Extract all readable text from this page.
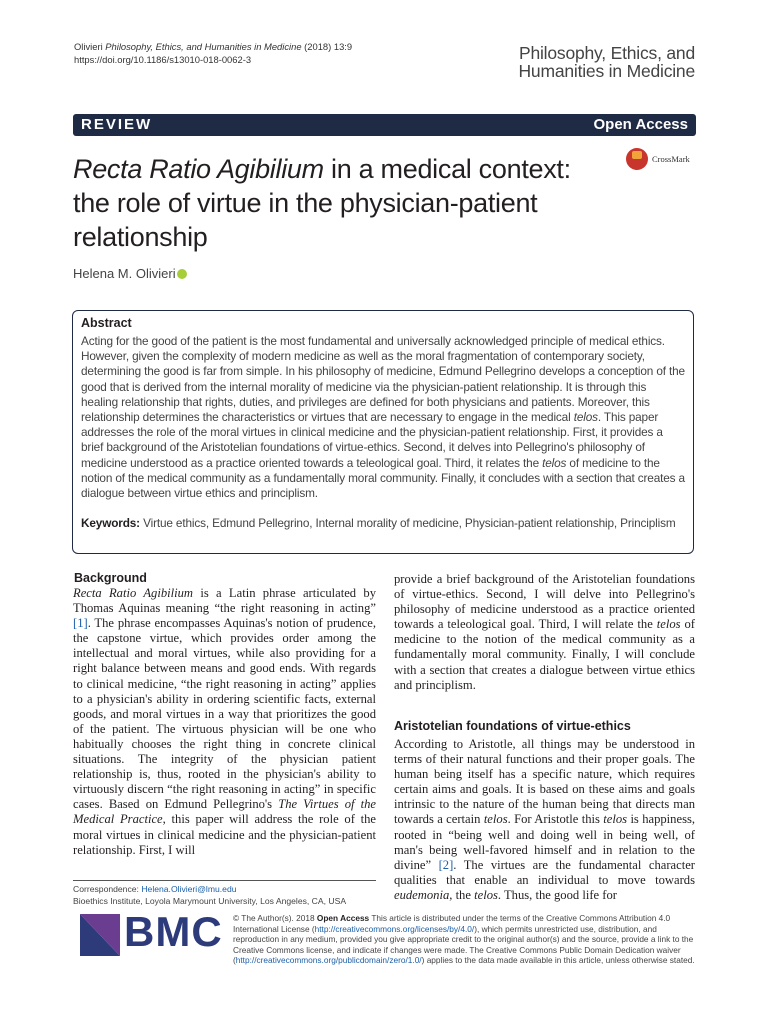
Olivieri Philosophy, Ethics, and Humanities in Medicine (2018) 13:9
https://doi.org/10.1186/s13010-018-0062-3	Philosophy, Ethics, and
Humanities in Medicine
REVIEW	Open Access
Recta Ratio Agibilium in a medical context:
the role of virtue in the physician-patient
relationship
CrossMark
Helena M. Olivieri
Abstract
Acting for the good of the patient is the most fundamental and universally acknowledged principle of medical ethics. However, given the complexity of modern medicine as well as the moral fragmentation of contemporary society, determining the good is far from simple. In his philosophy of medicine, Edmund Pellegrino develops a conception of the good that is derived from the internal morality of medicine via the physician-patient relationship. It is through this healing relationship that rights, duties, and privileges are defined for both physicians and patients. Moreover, this relationship determines the characteristics or virtues that are necessary to engage in the medical telos. This paper addresses the role of the moral virtues in clinical medicine and the physician-patient relationship. First, it provides a brief background of the Aristotelian foundations of virtue-ethics. Second, it delves into Pellegrino's philosophy of medicine understood as a practice oriented towards a teleological goal. Third, it relates the telos of medicine to the notion of the medical community as a fundamentally moral community. Finally, it concludes with a section that creates a dialogue between virtue ethics and principlism.
Keywords: Virtue ethics, Edmund Pellegrino, Internal morality of medicine, Physician-patient relationship, Principlism
Background
Recta Ratio Agibilium is a Latin phrase articulated by Thomas Aquinas meaning “the right reasoning in acting” [1]. The phrase encompasses Aquinas's notion of prudence, the capstone virtue, which provides order among the intellectual and moral virtues, while also providing for a right balance between means and good ends. With regards to clinical medicine, “the right reasoning in acting” applies to a physician's ability in ordering scientific facts, external goods, and moral virtues in a way that prioritizes the good of the patient. The virtuous physician will be one who habitually chooses the right thing in concrete clinical situations. The integrity of the physician patient relationship is, thus, rooted in the physician's ability to virtuously discern “the right reasoning in acting” in specific cases. Based on Edmund Pellegrino's The Virtues of the Medical Practice, this paper will address the role of the moral virtues in clinical medicine and the physician-patient relationship. First, I will
provide a brief background of the Aristotelian foundations of virtue-ethics. Second, I will delve into Pellegrino's philosophy of medicine understood as a practice oriented towards a teleological goal. Third, I will relate the telos of medicine to the notion of the medical community as a fundamentally moral community. Finally, I will conclude with a section that creates a dialogue between virtue ethics and principlism.
Aristotelian foundations of virtue-ethics
According to Aristotle, all things may be understood in terms of their natural functions and their proper goals. The human being itself has a specific nature, which requires certain aims and goals. It is based on these aims and goals intrinsic to the nature of the human being that directs man towards a certain telos. For Aristotle this telos is happiness, rooted in “being well and doing well in being well, of man's being well-favored himself and in relation to the divine” [2]. The virtues are the fundamental character qualities that enable an individual to move towards eudemonia, the telos. Thus, the good life for
Correspondence: Helena.Olivieri@lmu.edu
Bioethics Institute, Loyola Marymount University, Los Angeles, CA, USA
BMC © The Author(s). 2018 Open Access This article is distributed under the terms of the Creative Commons Attribution 4.0 International License (http://creativecommons.org/licenses/by/4.0/), which permits unrestricted use, distribution, and reproduction in any medium, provided you give appropriate credit to the original author(s) and the source, provide a link to the Creative Commons license, and indicate if changes were made. The Creative Commons Public Domain Dedication waiver (http://creativecommons.org/publicdomain/zero/1.0/) applies to the data made available in this article, unless otherwise stated.
